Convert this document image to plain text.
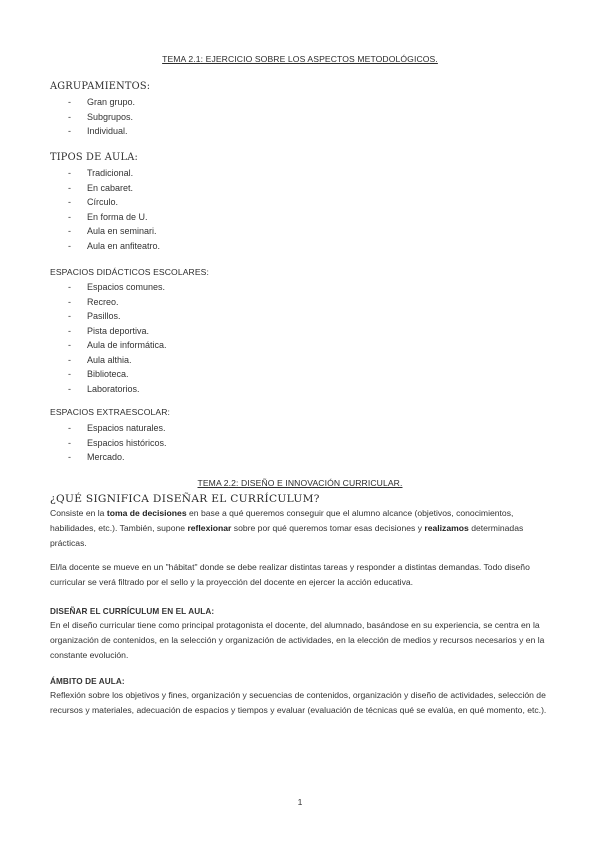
TEMA 2.1: EJERCICIO SOBRE LOS ASPECTOS METODOLÓGICOS.
AGRUPAMIENTOS:
- Gran grupo.
- Subgrupos.
- Individual.
TIPOS DE AULA:
- Tradicional.
- En cabaret.
- Círculo.
- En forma de U.
- Aula en seminari.
- Aula en anfiteatro.
ESPACIOS DIDÁCTICOS ESCOLARES:
- Espacios comunes.
- Recreo.
- Pasillos.
- Pista deportiva.
- Aula de informática.
- Aula althia.
- Biblioteca.
- Laboratorios.
ESPACIOS EXTRAESCOLAR:
- Espacios naturales.
- Espacios históricos.
- Mercado.
TEMA 2.2: DISEÑO E INNOVACIÓN CURRICULAR.
¿QUÉ SIGNIFICA DISEÑAR EL CURRÍCULUM?

Consiste en la toma de decisiones en base a qué queremos conseguir que el alumno alcance (objetivos, conocimientos, habilidades, etc.). También, supone reflexionar sobre por qué queremos tomar esas decisiones y realizamos determinadas prácticas.

El/la docente se mueve en un "hábitat" donde se debe realizar distintas tareas y responder a distintas demandas. Todo diseño curricular se verá filtrado por el sello y la proyección del docente en ejercer la acción educativa.

DISEÑAR EL CURRÍCULUM EN EL AULA:

En el diseño curricular tiene como principal protagonista el docente, del alumnado, basándose en su experiencia, se centra en la organización de contenidos, en la selección y organización de actividades, en la elección de medios y recursos necesarios y en la constante evolución.

ÁMBITO DE AULA:

Reflexión sobre los objetivos y fines, organización y secuencias de contenidos, organización y diseño de actividades, selección de recursos y materiales, adecuación de espacios y tiempos y evaluar (evaluación de técnicas qué se evalúa, en qué momento, etc.).

1
